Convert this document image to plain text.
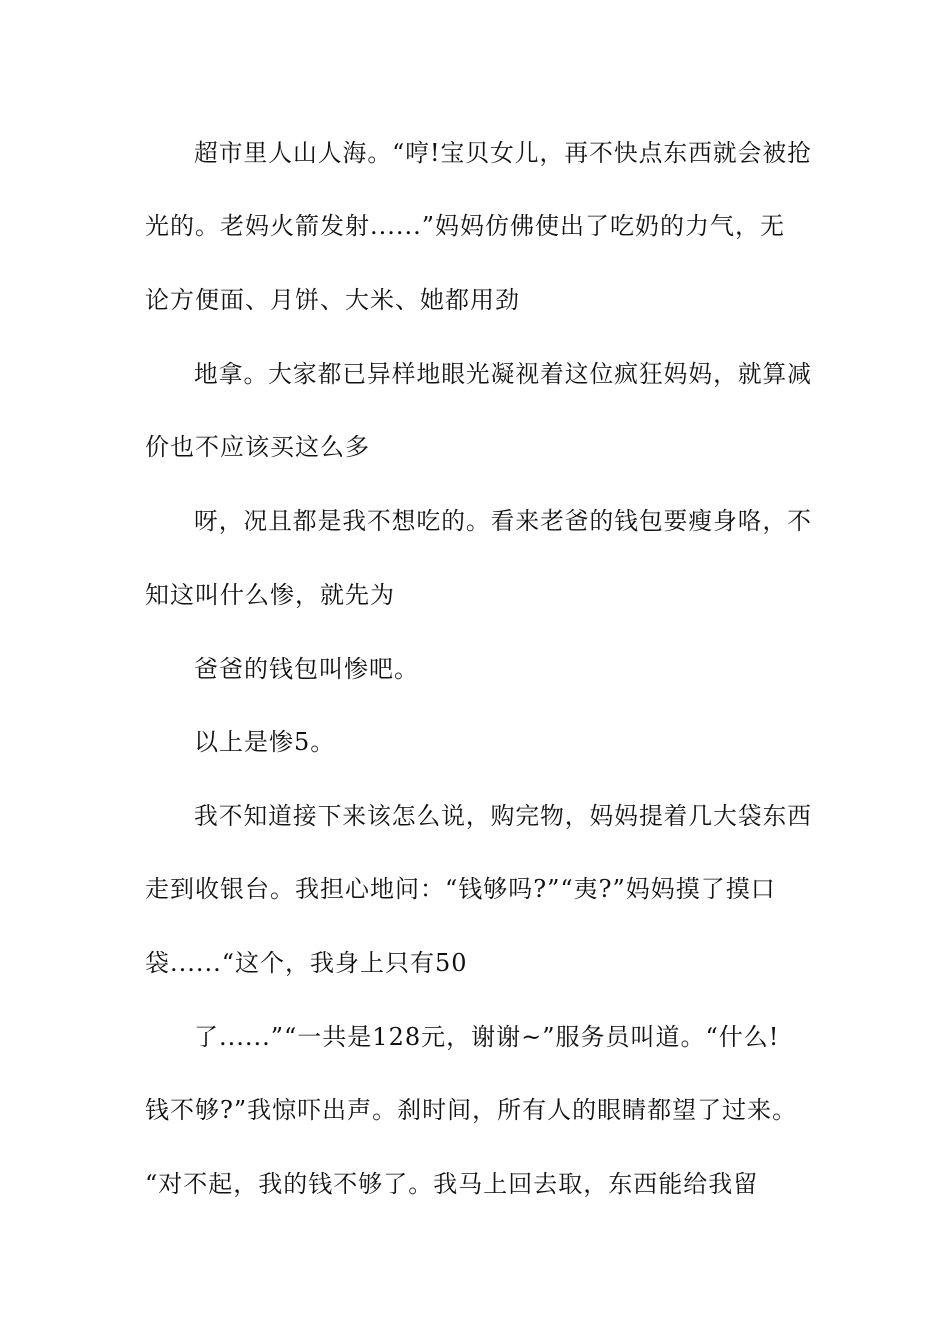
超市里人山人海。“哼!宝贝女儿，再不快点东西就会被抢
光的。老妈火箭发射......”妈妈仿佛使出了吃奶的力气，无
论方便面、月饼、大米、她都用劲
地拿。大家都已异样地眼光凝视着这位疯狂妈妈，就算减
价也不应该买这么多
呀，况且都是我不想吃的。看来老爸的钱包要瘦身咯，不
知这叫什么惨，就先为
爸爸的钱包叫惨吧。
以上是惨5。
我不知道接下来该怎么说，购完物，妈妈提着几大袋东西
走到收银台。我担心地问：“钱够吗?”“夷?”妈妈摸了摸口
袋......“这个，我身上只有50
了......”“一共是128元，谢谢~”服务员叫道。“什么!
钱不够?”我惊吓出声。刹时间，所有人的眼睛都望了过来。
“对不起，我的钱不够了。我马上回去取，东西能给我留
